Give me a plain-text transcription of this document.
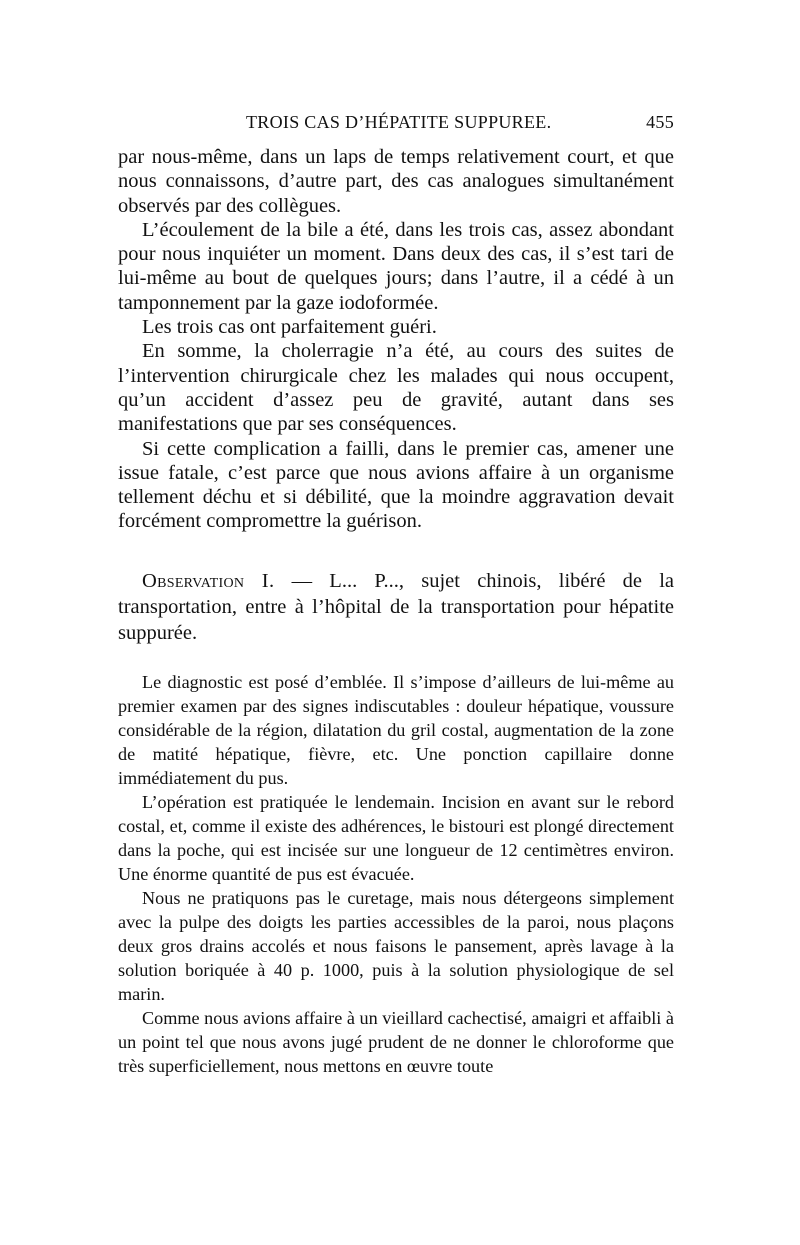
TROIS CAS D’HÉPATITE SUPPUREE.	455

par nous-même, dans un laps de temps relativement court, et que nous connaissons, d’autre part, des cas analogues simultanément observés par des collègues.

L’écoulement de la bile a été, dans les trois cas, assez abondant pour nous inquiéter un moment. Dans deux des cas, il s’est tari de lui-même au bout de quelques jours; dans l’autre, il a cédé à un tamponnement par la gaze iodoformée.

Les trois cas ont parfaitement guéri.

En somme, la cholerragie n’a été, au cours des suites de l’intervention chirurgicale chez les malades qui nous occupent, qu’un accident d’assez peu de gravité, autant dans ses manifestations que par ses conséquences.

Si cette complication a failli, dans le premier cas, amener une issue fatale, c’est parce que nous avions affaire à un organisme tellement déchu et si débilité, que la moindre aggravation devait forcément compromettre la guérison.

Observation I. — L... P..., sujet chinois, libéré de la transportation, entre à l’hôpital de la transportation pour hépatite suppurée.

Le diagnostic est posé d’emblée. Il s’impose d’ailleurs de lui-même au premier examen par des signes indiscutables : douleur hépatique, voussure considérable de la région, dilatation du gril costal, augmentation de la zone de matité hépatique, fièvre, etc. Une ponction capillaire donne immédiatement du pus.

L’opération est pratiquée le lendemain. Incision en avant sur le rebord costal, et, comme il existe des adhérences, le bistouri est plongé directement dans la poche, qui est incisée sur une longueur de 12 centimètres environ. Une énorme quantité de pus est évacuée.

Nous ne pratiquons pas le curetage, mais nous détergeons simplement avec la pulpe des doigts les parties accessibles de la paroi, nous plaçons deux gros drains accolés et nous faisons le pansement, après lavage à la solution boriquée à 40 p. 1000, puis à la solution physiologique de sel marin.

Comme nous avions affaire à un vieillard cachectisé, amaigri et affaibli à un point tel que nous avons jugé prudent de ne donner le chloroforme que très superficiellement, nous mettons en œuvre toute
